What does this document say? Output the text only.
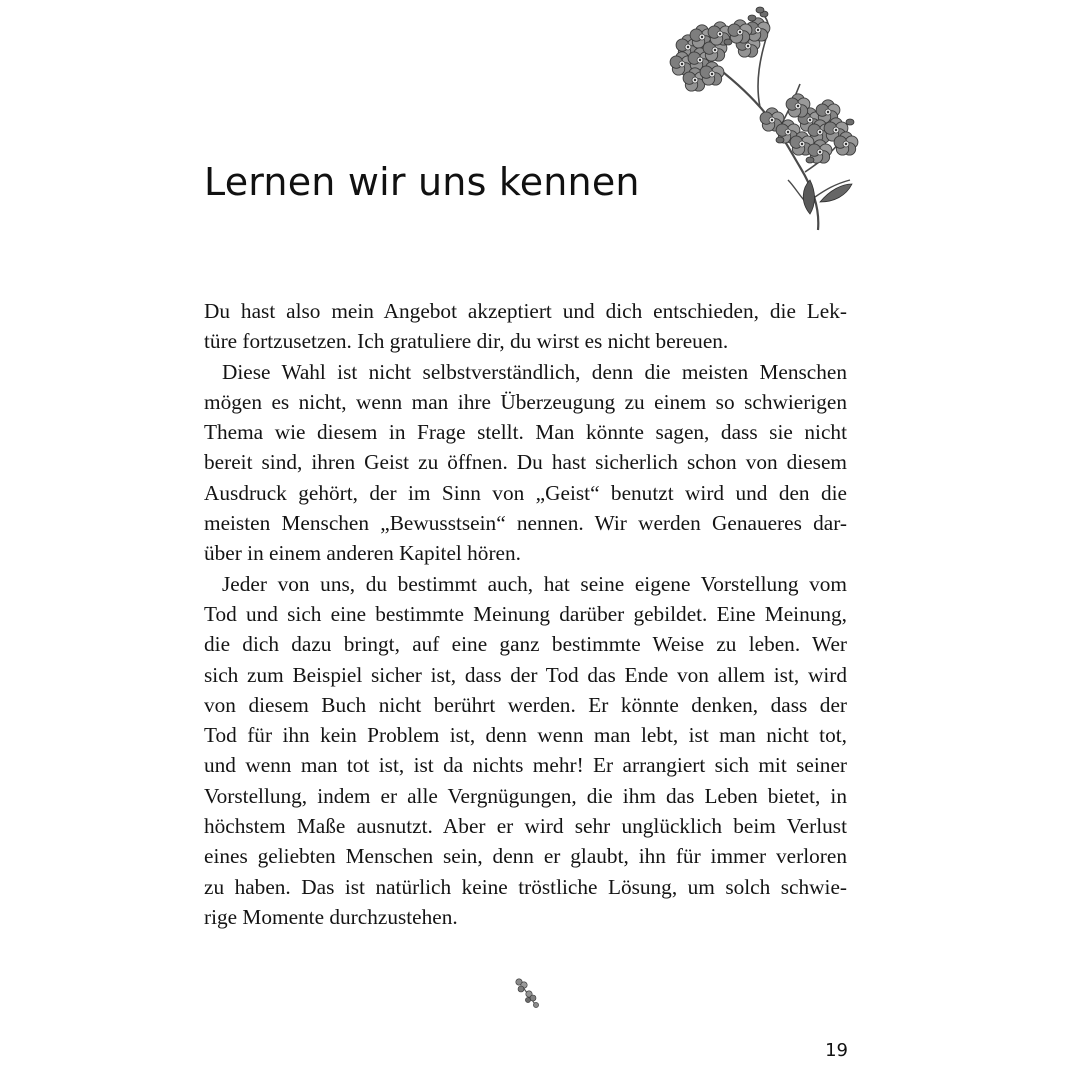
Lernen wir uns kennen

Du hast also mein Angebot akzeptiert und dich entschieden, die Lek-
türe fortzusetzen. Ich gratuliere dir, du wirst es nicht bereuen.

Diese Wahl ist nicht selbstverständlich, denn die meisten Menschen
mögen es nicht, wenn man ihre Überzeugung zu einem so schwierigen
Thema wie diesem in Frage stellt. Man könnte sagen, dass sie nicht
bereit sind, ihren Geist zu öffnen. Du hast sicherlich schon von diesem
Ausdruck gehört, der im Sinn von „Geist“ benutzt wird und den die
meisten Menschen „Bewusstsein“ nennen. Wir werden Genaueres dar-
über in einem anderen Kapitel hören.

Jeder von uns, du bestimmt auch, hat seine eigene Vorstellung vom
Tod und sich eine bestimmte Meinung darüber gebildet. Eine Meinung,
die dich dazu bringt, auf eine ganz bestimmte Weise zu leben. Wer
sich zum Beispiel sicher ist, dass der Tod das Ende von allem ist, wird
von diesem Buch nicht berührt werden. Er könnte denken, dass der
Tod für ihn kein Problem ist, denn wenn man lebt, ist man nicht tot,
und wenn man tot ist, ist da nichts mehr! Er arrangiert sich mit seiner
Vorstellung, indem er alle Vergnügungen, die ihm das Leben bietet, in
höchstem Maße ausnutzt. Aber er wird sehr unglücklich beim Verlust
eines geliebten Menschen sein, denn er glaubt, ihn für immer verloren
zu haben. Das ist natürlich keine tröstliche Lösung, um solch schwie-
rige Momente durchzustehen.

19
